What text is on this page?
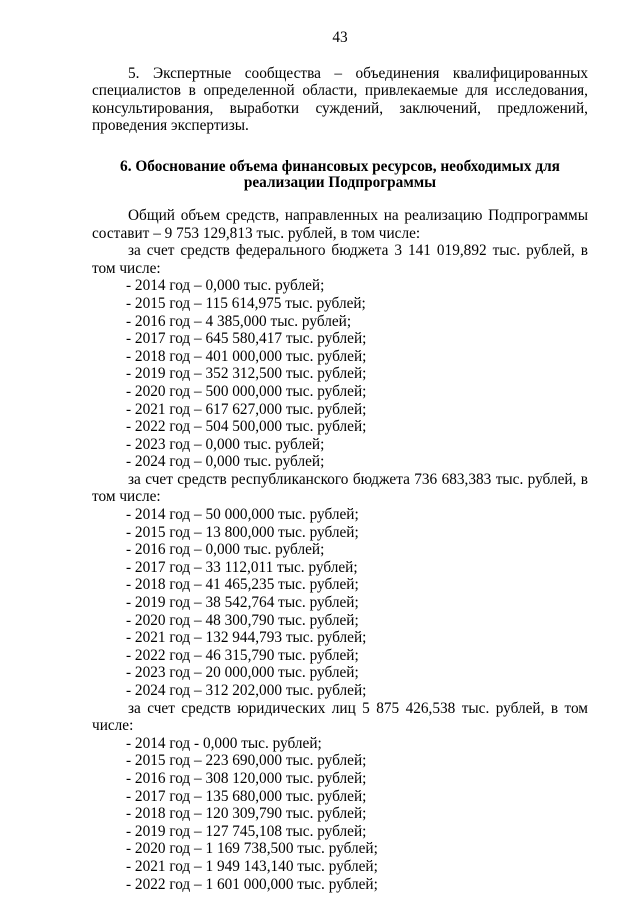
43

5. Экспертные сообщества – объединения квалифицированных специалистов в определенной области, привлекаемые для исследования, консультирования, выработки суждений, заключений, предложений, проведения экспертизы.

6. Обоснование объема финансовых ресурсов, необходимых для реализации Подпрограммы

Общий объем средств, направленных на реализацию Подпрограммы составит – 9 753 129,813 тыс. рублей, в том числе:

за счет средств федерального бюджета 3 141 019,892 тыс. рублей, в том числе:

- 2014 год – 0,000 тыс. рублей;
- 2015 год – 115 614,975 тыс. рублей;
- 2016 год – 4 385,000 тыс. рублей;
- 2017 год – 645 580,417 тыс. рублей;
- 2018 год – 401 000,000 тыс. рублей;
- 2019 год – 352 312,500 тыс. рублей;
- 2020 год – 500 000,000 тыс. рублей;
- 2021 год – 617 627,000 тыс. рублей;
- 2022 год – 504 500,000 тыс. рублей;
- 2023 год – 0,000 тыс. рублей;
- 2024 год – 0,000 тыс. рублей;

за счет средств республиканского бюджета 736 683,383 тыс. рублей, в том числе:

- 2014 год – 50 000,000 тыс. рублей;
- 2015 год – 13 800,000 тыс. рублей;
- 2016 год – 0,000 тыс. рублей;
- 2017 год – 33 112,011 тыс. рублей;
- 2018 год – 41 465,235 тыс. рублей;
- 2019 год – 38 542,764 тыс. рублей;
- 2020 год – 48 300,790 тыс. рублей;
- 2021 год – 132 944,793 тыс. рублей;
- 2022 год – 46 315,790 тыс. рублей;
- 2023 год – 20 000,000 тыс. рублей;
- 2024 год – 312 202,000 тыс. рублей;

за счет средств юридических лиц 5 875 426,538 тыс. рублей, в том числе:

- 2014 год - 0,000 тыс. рублей;
- 2015 год – 223 690,000 тыс. рублей;
- 2016 год – 308 120,000 тыс. рублей;
- 2017 год – 135 680,000 тыс. рублей;
- 2018 год – 120 309,790 тыс. рублей;
- 2019 год – 127 745,108 тыс. рублей;
- 2020 год – 1 169 738,500 тыс. рублей;
- 2021 год – 1 949 143,140 тыс. рублей;
- 2022 год – 1 601 000,000 тыс. рублей;
